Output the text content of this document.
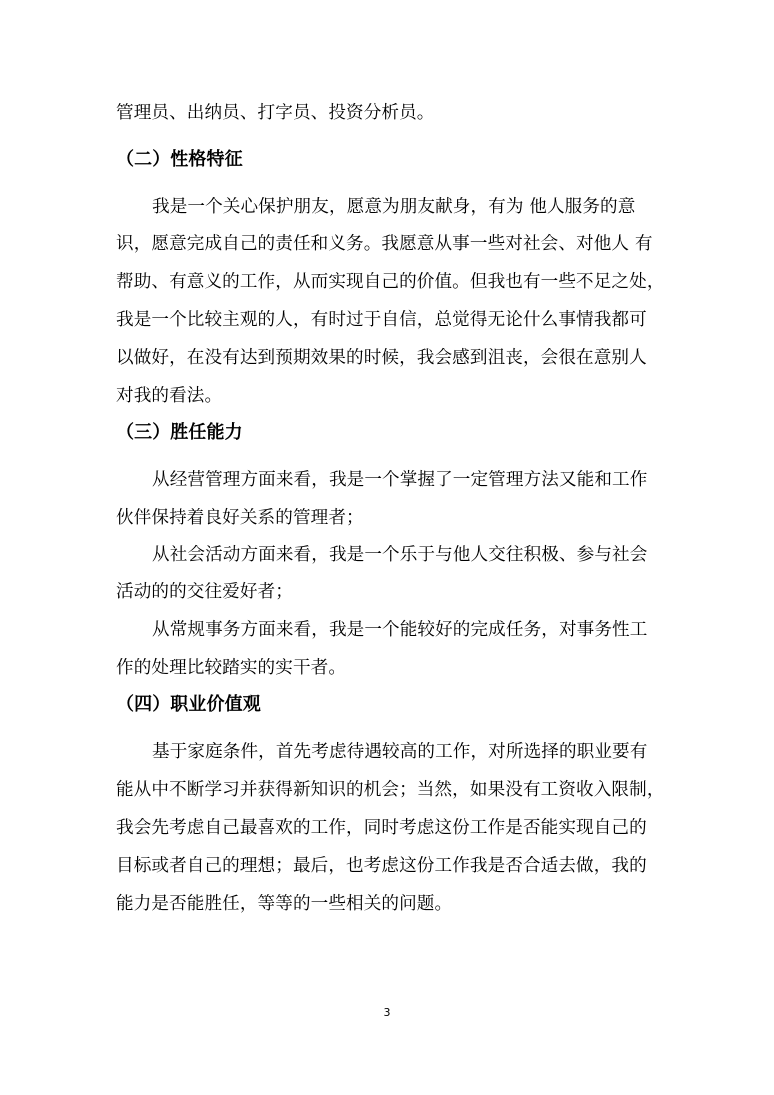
管理员、出纳员、打字员、投资分析员。
（二）性格特征
我是一个关心保护朋友，愿意为朋友献身，有为 他人服务的意
识，愿意完成自己的责任和义务。我愿意从事一些对社会、对他人 有
帮助、有意义的工作，从而实现自己的价值。但我也有一些不足之处，
我是一个比较主观的人，有时过于自信，总觉得无论什么事情我都可
以做好，在没有达到预期效果的时候，我会感到沮丧，会很在意别人
对我的看法。
（三）胜任能力
从经营管理方面来看，我是一个掌握了一定管理方法又能和工作
伙伴保持着良好关系的管理者；
从社会活动方面来看，我是一个乐于与他人交往积极、参与社会
活动的的交往爱好者；
从常规事务方面来看，我是一个能较好的完成任务，对事务性工
作的处理比较踏实的实干者。
（四）职业价值观
基于家庭条件，首先考虑待遇较高的工作，对所选择的职业要有
能从中不断学习并获得新知识的机会；当然，如果没有工资收入限制，
我会先考虑自己最喜欢的工作，同时考虑这份工作是否能实现自己的
目标或者自己的理想；最后，也考虑这份工作我是否合适去做，我的
能力是否能胜任，等等的一些相关的问题。
3
